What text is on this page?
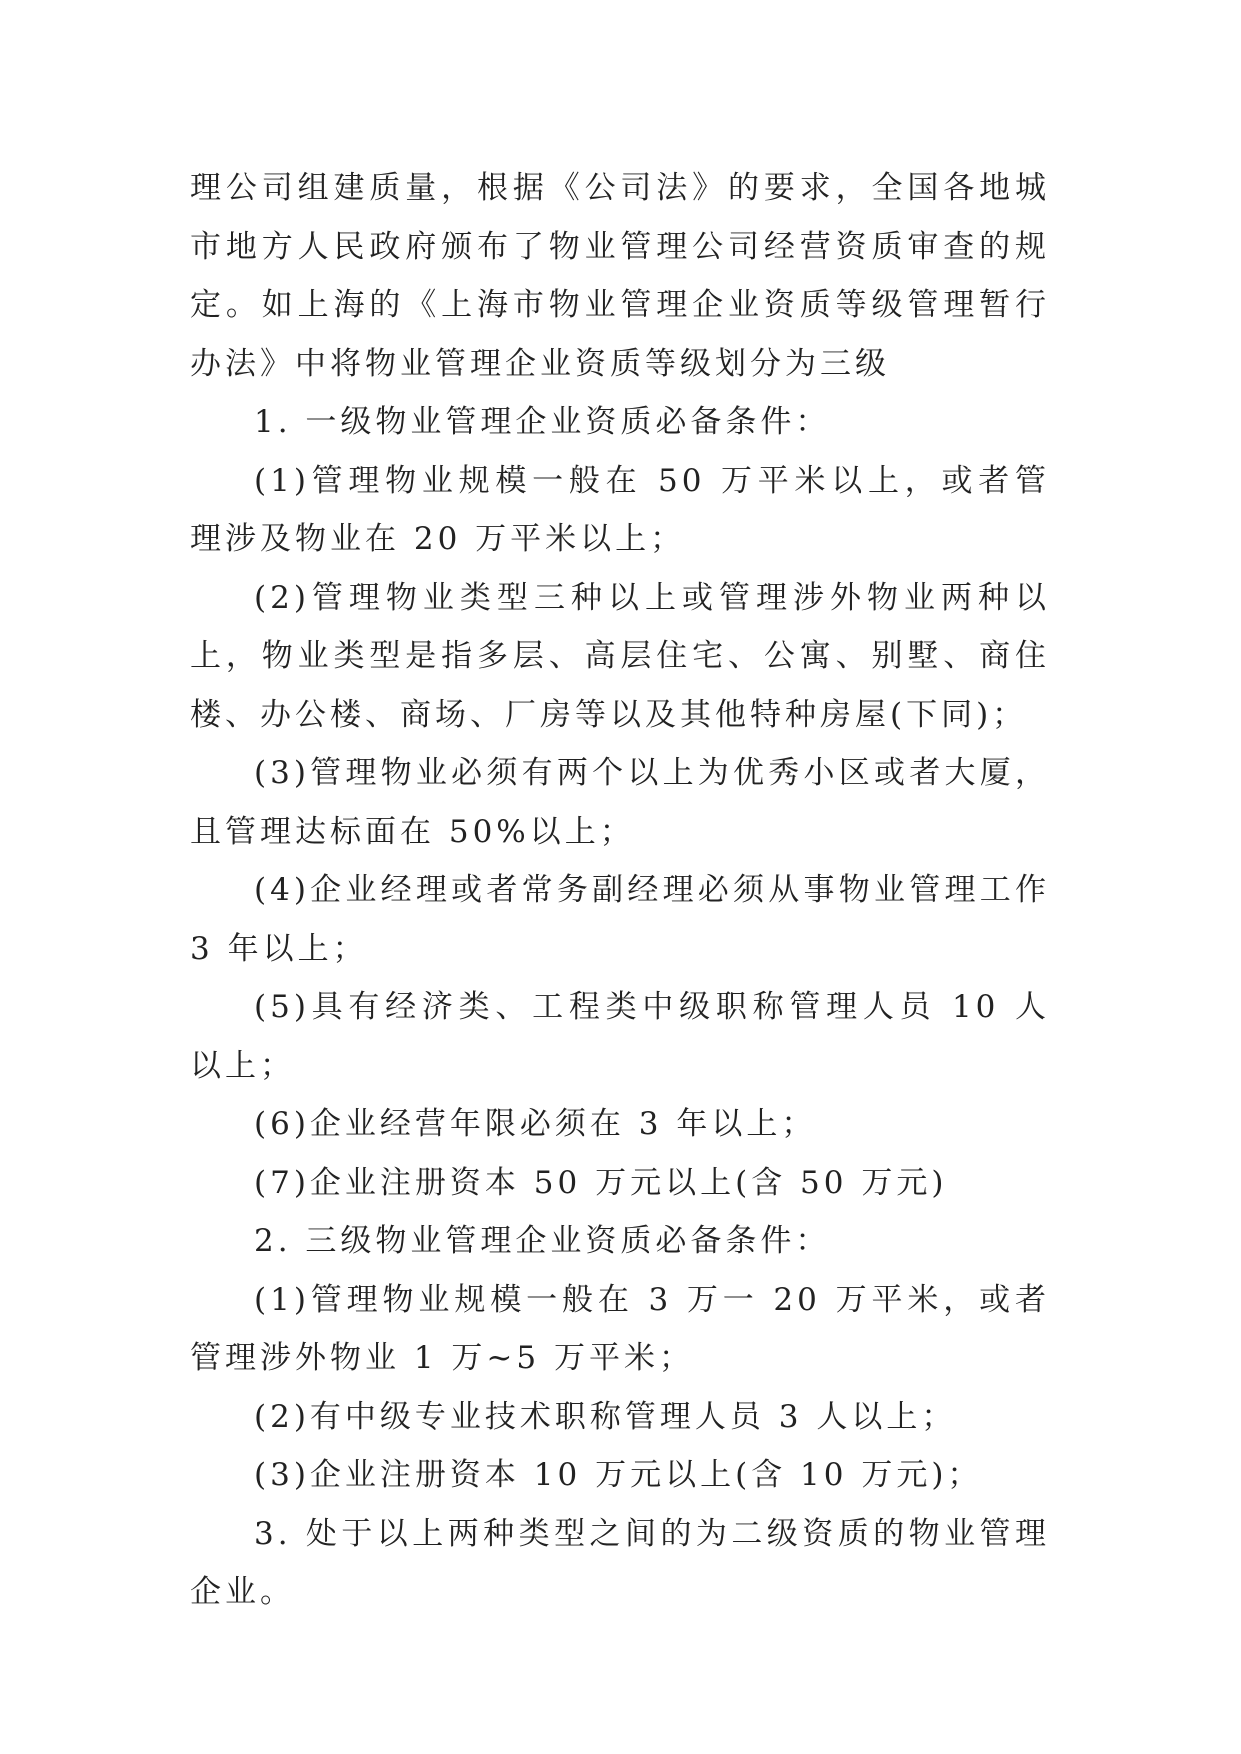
理公司组建质量，根据《公司法》的要求，全国各地城市地方人民政府颁布了物业管理公司经营资质审查的规定。如上海的《上海市物业管理企业资质等级管理暂行办法》中将物业管理企业资质等级划分为三级

1. 一级物业管理企业资质必备条件：

(1)管理物业规模一般在 50 万平米以上，或者管理涉及物业在 20 万平米以上；

(2)管理物业类型三种以上或管理涉外物业两种以上，物业类型是指多层、高层住宅、公寓、别墅、商住楼、办公楼、商场、厂房等以及其他特种房屋(下同)；

(3)管理物业必须有两个以上为优秀小区或者大厦，且管理达标面在 50%以上；

(4)企业经理或者常务副经理必须从事物业管理工作 3 年以上；

(5)具有经济类、工程类中级职称管理人员 10 人以上；

(6)企业经营年限必须在 3 年以上；

(7)企业注册资本 50 万元以上(含 50 万元)

2. 三级物业管理企业资质必备条件：

(1)管理物业规模一般在 3 万一 20 万平米，或者管理涉外物业 1 万~5 万平米；

(2)有中级专业技术职称管理人员 3 人以上；

(3)企业注册资本 10 万元以上(含 10 万元)；

3. 处于以上两种类型之间的为二级资质的物业管理企业。
